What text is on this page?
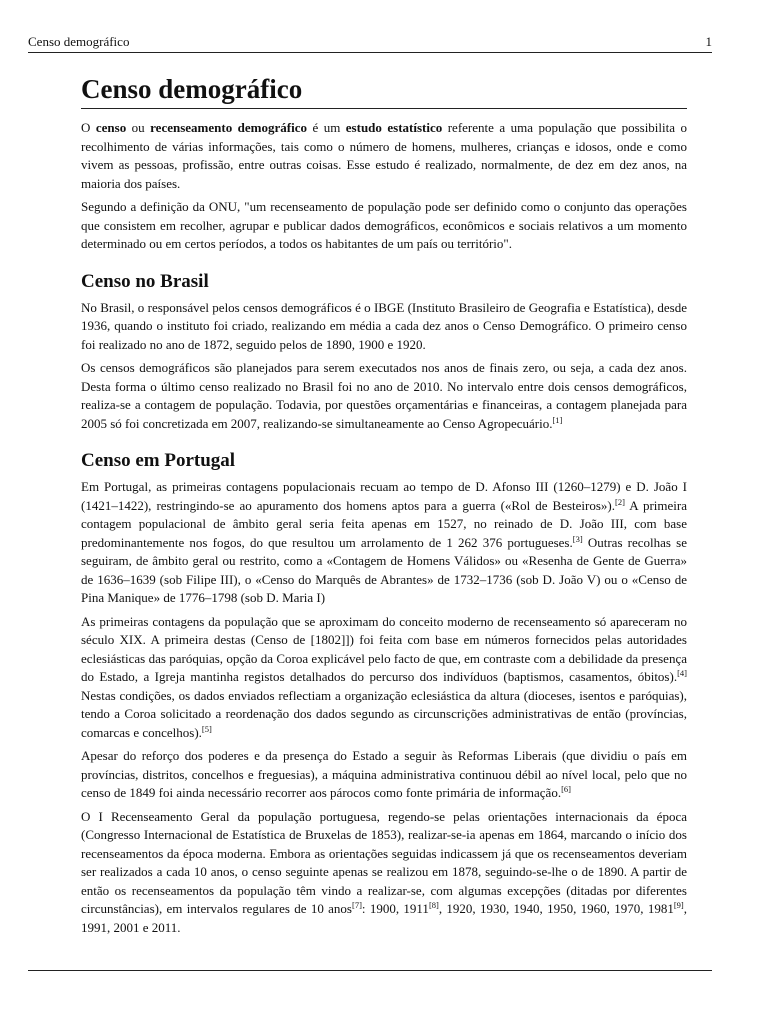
Censo demográfico	1
Censo demográfico

O censo ou recenseamento demográfico é um estudo estatístico referente a uma população que possibilita o recolhimento de várias informações, tais como o número de homens, mulheres, crianças e idosos, onde e como vivem as pessoas, profissão, entre outras coisas. Esse estudo é realizado, normalmente, de dez em dez anos, na maioria dos países.

Segundo a definição da ONU, "um recenseamento de população pode ser definido como o conjunto das operações que consistem em recolher, agrupar e publicar dados demográficos, econômicos e sociais relativos a um momento determinado ou em certos períodos, a todos os habitantes de um país ou território".

Censo no Brasil

No Brasil, o responsável pelos censos demográficos é o IBGE (Instituto Brasileiro de Geografia e Estatística), desde 1936, quando o instituto foi criado, realizando em média a cada dez anos o Censo Demográfico. O primeiro censo foi realizado no ano de 1872, seguido pelos de 1890, 1900 e 1920.

Os censos demográficos são planejados para serem executados nos anos de finais zero, ou seja, a cada dez anos. Desta forma o último censo realizado no Brasil foi no ano de 2010. No intervalo entre dois censos demográficos, realiza-se a contagem de população. Todavia, por questões orçamentárias e financeiras, a contagem planejada para 2005 só foi concretizada em 2007, realizando-se simultaneamente ao Censo Agropecuário.[1]

Censo em Portugal

Em Portugal, as primeiras contagens populacionais recuam ao tempo de D. Afonso III (1260–1279) e D. João I (1421–1422), restringindo-se ao apuramento dos homens aptos para a guerra («Rol de Besteiros»).[2] A primeira contagem populacional de âmbito geral seria feita apenas em 1527, no reinado de D. João III, com base predominantemente nos fogos, do que resultou um arrolamento de 1 262 376 portugueses.[3] Outras recolhas se seguiram, de âmbito geral ou restrito, como a «Contagem de Homens Válidos» ou «Resenha de Gente de Guerra» de 1636–1639 (sob Filipe III), o «Censo do Marquês de Abrantes» de 1732–1736 (sob D. João V) ou o «Censo de Pina Manique» de 1776–1798 (sob D. Maria I)

As primeiras contagens da população que se aproximam do conceito moderno de recenseamento só apareceram no século XIX. A primeira destas (Censo de [1802]]) foi feita com base em números fornecidos pelas autoridades eclesiásticas das paróquias, opção da Coroa explicável pelo facto de que, em contraste com a debilidade da presença do Estado, a Igreja mantinha registos detalhados do percurso dos indivíduos (baptismos, casamentos, óbitos).[4] Nestas condições, os dados enviados reflectiam a organização eclesiástica da altura (dioceses, isentos e paróquias), tendo a Coroa solicitado a reordenação dos dados segundo as circunscrições administrativas de então (províncias, comarcas e concelhos).[5]

Apesar do reforço dos poderes e da presença do Estado a seguir às Reformas Liberais (que dividiu o país em províncias, distritos, concelhos e freguesias), a máquina administrativa continuou débil ao nível local, pelo que no censo de 1849 foi ainda necessário recorrer aos párocos como fonte primária de informação.[6]

O I Recenseamento Geral da população portuguesa, regendo-se pelas orientações internacionais da época (Congresso Internacional de Estatística de Bruxelas de 1853), realizar-se-ia apenas em 1864, marcando o início dos recenseamentos da época moderna. Embora as orientações seguidas indicassem já que os recenseamentos deveriam ser realizados a cada 10 anos, o censo seguinte apenas se realizou em 1878, seguindo-se-lhe o de 1890. A partir de então os recenseamentos da população têm vindo a realizar-se, com algumas excepções (ditadas por diferentes circunstâncias), em intervalos regulares de 10 anos[7]: 1900, 1911[8], 1920, 1930, 1940, 1950, 1960, 1970, 1981[9], 1991, 2001 e 2011.
